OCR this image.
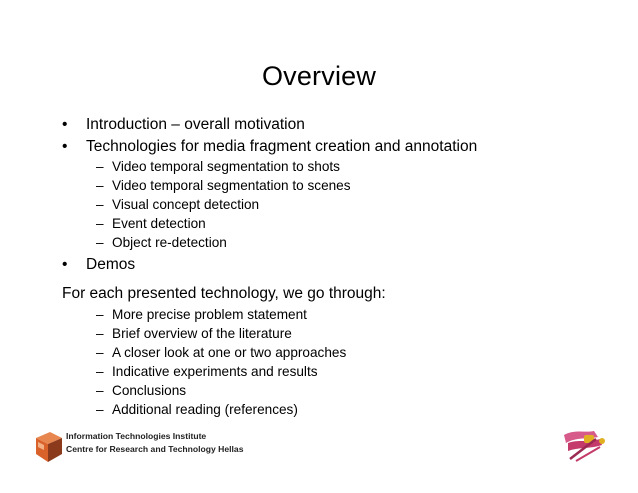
Overview
• Introduction – overall motivation
• Technologies for media fragment creation and annotation
– Video temporal segmentation to shots
– Video temporal segmentation to scenes
– Visual concept detection
– Event detection
– Object re-detection
• Demos
For each presented technology, we go through:
– More precise problem statement
– Brief overview of the literature
– A closer look at one or two approaches
– Indicative experiments and results
– Conclusions
– Additional reading (references)
Information Technologies Institute
Centre for Research and Technology Hellas
